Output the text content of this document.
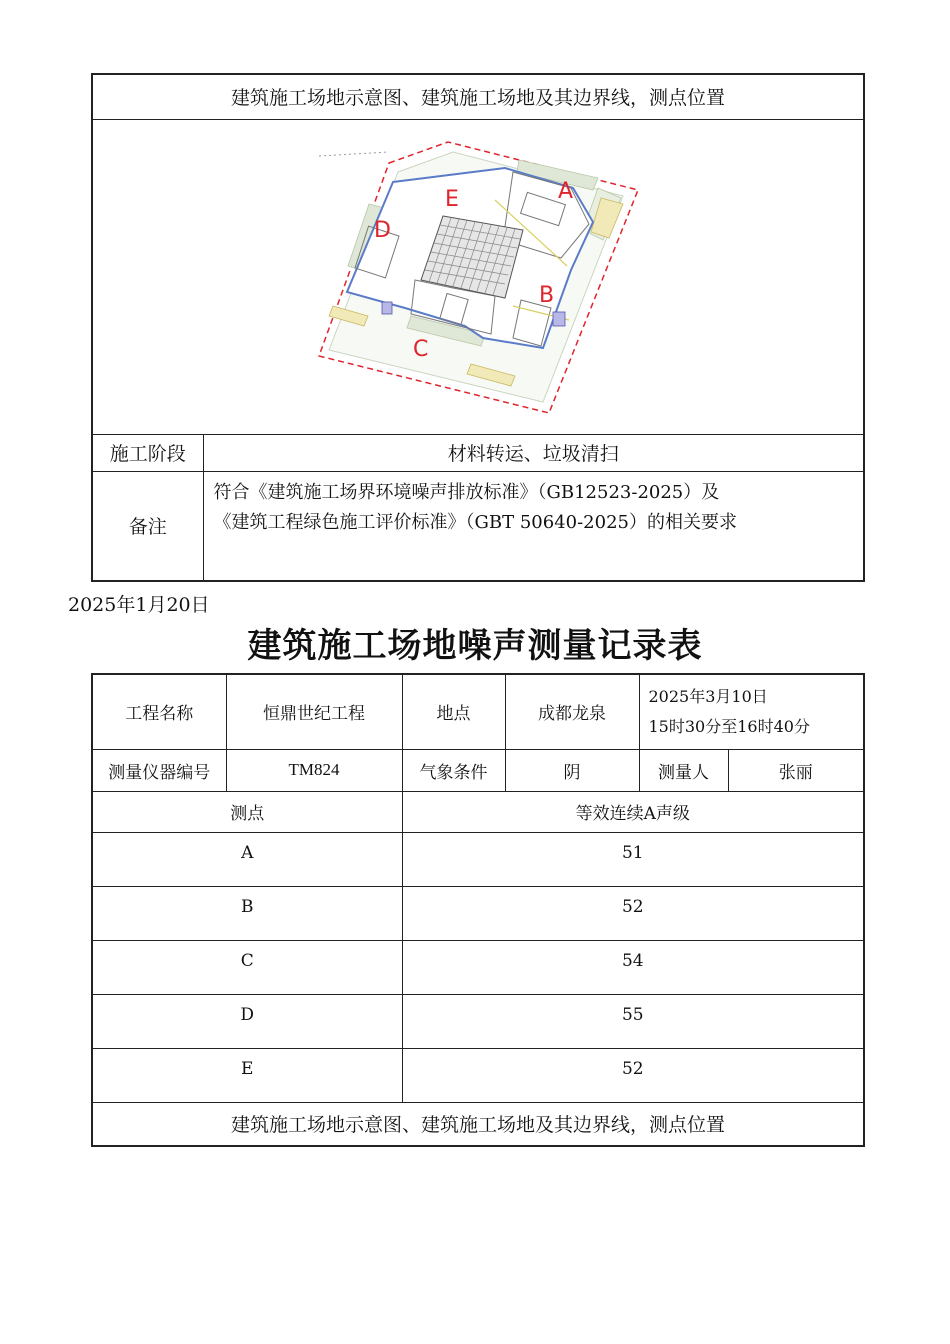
建筑施工场地示意图、建筑施工场地及其边界线，测点位置	

A
B
C
D
E	

施工阶段	材料转运、垃圾清扫
备注	符合《建筑施工场界环境噪声排放标准》（GB12523-2025）及
《建筑工程绿色施工评价标准》（GBT 50640-2025）的相关要求
2025年1月20日
建筑施工场地噪声测量记录表
工程名称	恒鼎世纪工程	地点	成都龙泉	2025年3月10日
15时30分至16时40分	

测量仪器编号	TM824	气象条件	阴	测量人	张丽
测点		等效连续A声级			
A		51			
B		52			
C		54			
D		55			
E		52			
建筑施工场地示意图、建筑施工场地及其边界线，测点位置					
